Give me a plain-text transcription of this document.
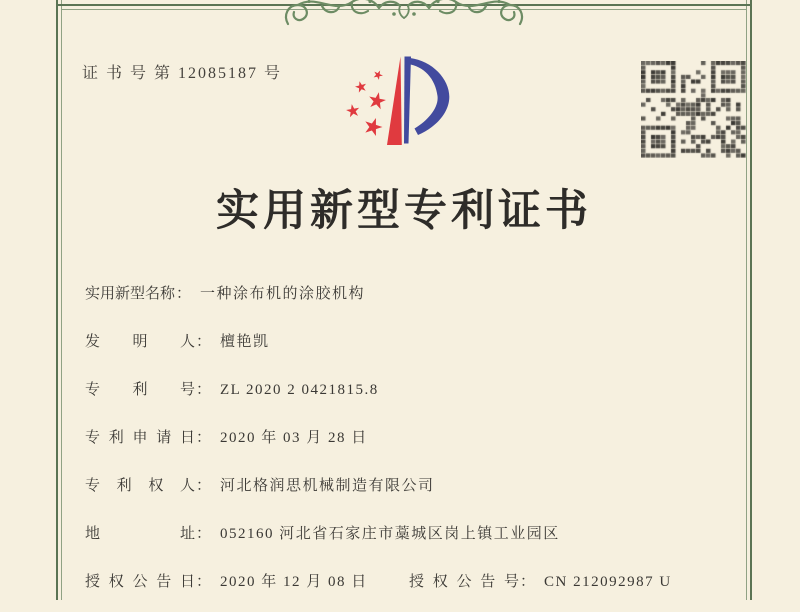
证 书 号 第 12085187 号
实用新型专利证书
实用新型名称： 一种涂布机的涂胶机构
发明人： 檀艳凯
专利号： ZL 2020 2 0421815.8
专利申请日： 2020 年 03 月 28 日
专利权人： 河北格润思机械制造有限公司
地址： 052160 河北省石家庄市藁城区岗上镇工业园区
授权公告日： 2020 年 12 月 08 日	授权公告号： CN 212092987 U
